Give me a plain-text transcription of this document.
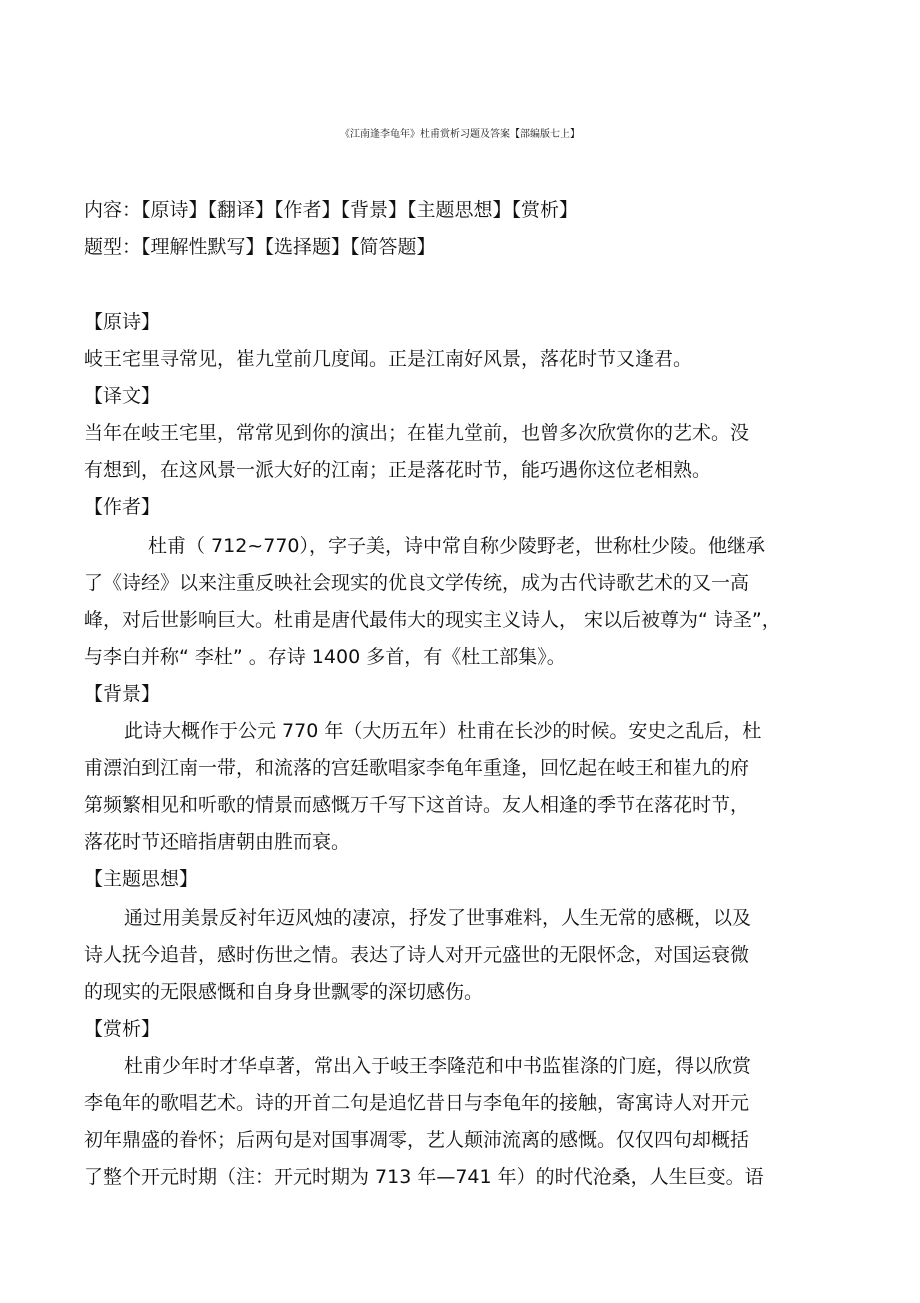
《江南逢李龟年》杜甫赏析习题及答案【部编版七上】
内容：【原诗】【翻译】【作者】【背景】【主题思想】【赏析】
题型：【理解性默写】【选择题】【简答题】
【原诗】
岐王宅里寻常见，崔九堂前几度闻。正是江南好风景，落花时节又逢君。
【译文】
当年在岐王宅里，常常见到你的演出；在崔九堂前，也曾多次欣赏你的艺术。没
有想到，在这风景一派大好的江南；正是落花时节，能巧遇你这位老相熟。
【作者】
杜甫（ 712~770），字子美，诗中常自称少陵野老，世称杜少陵。他继承
了《诗经》以来注重反映社会现实的优良文学传统，成为古代诗歌艺术的又一高
峰，对后世影响巨大。杜甫是唐代最伟大的现实主义诗人， 宋以后被尊为“ 诗圣”，
与李白并称“ 李杜” 。存诗 1400 多首，有《杜工部集》。
【背景】
此诗大概作于公元 770 年（大历五年）杜甫在长沙的时候。安史之乱后，杜
甫漂泊到江南一带，和流落的宫廷歌唱家李龟年重逢，回忆起在岐王和崔九的府
第频繁相见和听歌的情景而感慨万千写下这首诗。友人相逢的季节在落花时节，
落花时节还暗指唐朝由胜而衰。
【主题思想】
通过用美景反衬年迈风烛的凄凉，抒发了世事难料，人生无常的感概，以及
诗人抚今追昔，感时伤世之情。表达了诗人对开元盛世的无限怀念，对国运衰微
的现实的无限感慨和自身身世飘零的深切感伤。
【赏析】
杜甫少年时才华卓著，常出入于岐王李隆范和中书监崔涤的门庭，得以欣赏
李龟年的歌唱艺术。诗的开首二句是追忆昔日与李龟年的接触，寄寓诗人对开元
初年鼎盛的眷怀；后两句是对国事凋零，艺人颠沛流离的感慨。仅仅四句却概括
了整个开元时期（注：开元时期为 713 年—741 年）的时代沧桑，人生巨变。语
